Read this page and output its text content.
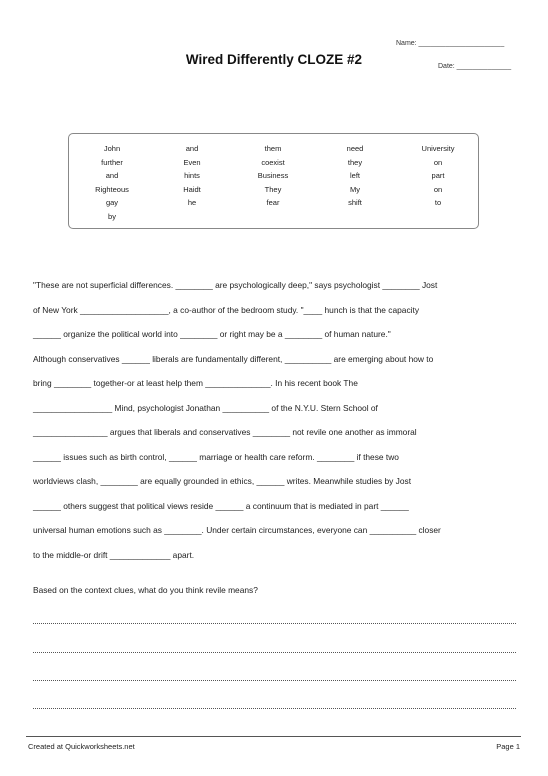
Name: ______________________
Date: ______________
Wired Differently CLOZE #2
John
further
and
Righteous
gay
by
and
Even
hints
Haidt
he
them
coexist
Business
They
fear
need
they
left
My
shift
University
on
part
on
to

"These are not superficial differences. ________ are psychologically deep," says psychologist ________ Jost

of New York ___________________, a co-author of the bedroom study. "____ hunch is that the capacity

______ organize the political world into ________ or right may be a ________ of human nature."

Although conservatives ______ liberals are fundamentally different, __________ are emerging about how to

bring ________ together-or at least help them ______________. In his recent book The

_________________ Mind, psychologist Jonathan __________ of the N.Y.U. Stern School of

________________ argues that liberals and conservatives ________ not revile one another as immoral

______ issues such as birth control, ______ marriage or health care reform. ________ if these two

worldviews clash, ________ are equally grounded in ethics, ______ writes. Meanwhile studies by Jost

______ others suggest that political views reside ______ a continuum that is mediated in part ______

universal human emotions such as ________. Under certain circumstances, everyone can __________ closer

to the middle-or drift _____________ apart.

Based on the context clues, what do you think revile means?
Created at Quickworksheets.net	Page 1
